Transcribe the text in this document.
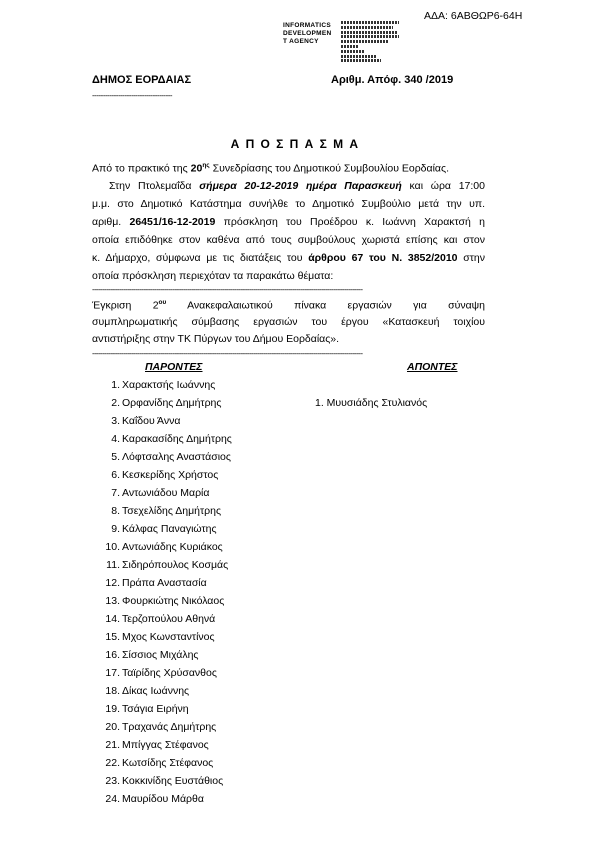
ΑΔΑ: 6ΑΒΘΩΡ6-64Η
INFORMATICS
DEVELOPMEN
T AGENCY
ΔΗΜΟΣ ΕΟΡΔΑΙΑΣ	Αριθμ. Απόφ. 340 /2019
-------------------------------------
ΑΠΟΣΠΑΣΜΑ
Από το πρακτικό της $20^{\eta\varsigma}$ Συνεδρίασης του Δημοτικού Συμβουλίου Εορδαίας.
Στην Πτολεμαΐδα σήμερα 20-12-2019 ημέρα Παρασκευή και ώρα 17:00
μ.μ. στο Δημοτικό Κατάστημα συνήλθε το Δημοτικό Συμβούλιο μετά την υπ.
αριθμ. 26451/16-12-2019 πρόσκληση του Προέδρου κ. Ιωάννη Χαρακτσή η
οποία επιδόθηκε στον καθένα από τους συμβούλους χωριστά επίσης και στον
κ. Δήμαρχο, σύμφωνα με τις διατάξεις του άρθρου 67 του Ν. 3852/2010 στην
οποία πρόσκληση περιεχόταν τα παρακάτω θέματα:
-----------------------------------------------------------------------------------------------------------------------------------
Έγκριση $2^{o\upsilon}$ Ανακεφαλαιωτικού πίνακα εργασιών για σύναψη
συμπληρωματικής σύμβασης εργασιών του έργου «Κατασκευή τοιχίου
αντιστήριξης στην ΤΚ Πύργων του Δήμου Εορδαίας».
-----------------------------------------------------------------------------------------------------------------------------------
ΠΑΡΟΝΤΕΣ	ΑΠΟΝΤΕΣ
1. Χαρακτσής Ιωάννης
2. Ορφανίδης Δημήτρης
3. Καΐδου Άννα
4. Καρακασίδης Δημήτρης
5. Λόφτσαλης Αναστάσιος
6. Κεσκερίδης Χρήστος
7. Αντωνιάδου Μαρία
8. Τσεχελίδης Δημήτρης
9. Κάλφας Παναγιώτης
10. Αντωνιάδης Κυριάκος
11. Σιδηρόπουλος Κοσμάς
12. Πράπα Αναστασία
13. Φουρκιώτης Νικόλαος
14. Τερζοπούλου Αθηνά
15. Μχος Κωνσταντίνος
16. Σίσσιος Μιχάλης
17. Ταϊρίδης Χρύσανθος
18. Δίκας Ιωάννης
19. Τσάγια Ειρήνη
20. Τραχανάς Δημήτρης
21. Μπίγγας Στέφανος
22. Κωτσίδης Στέφανος
23. Κοκκινίδης Ευστάθιος
24. Μαυρίδου Μάρθα
1. Μυυσιάδης Στυλιανός
